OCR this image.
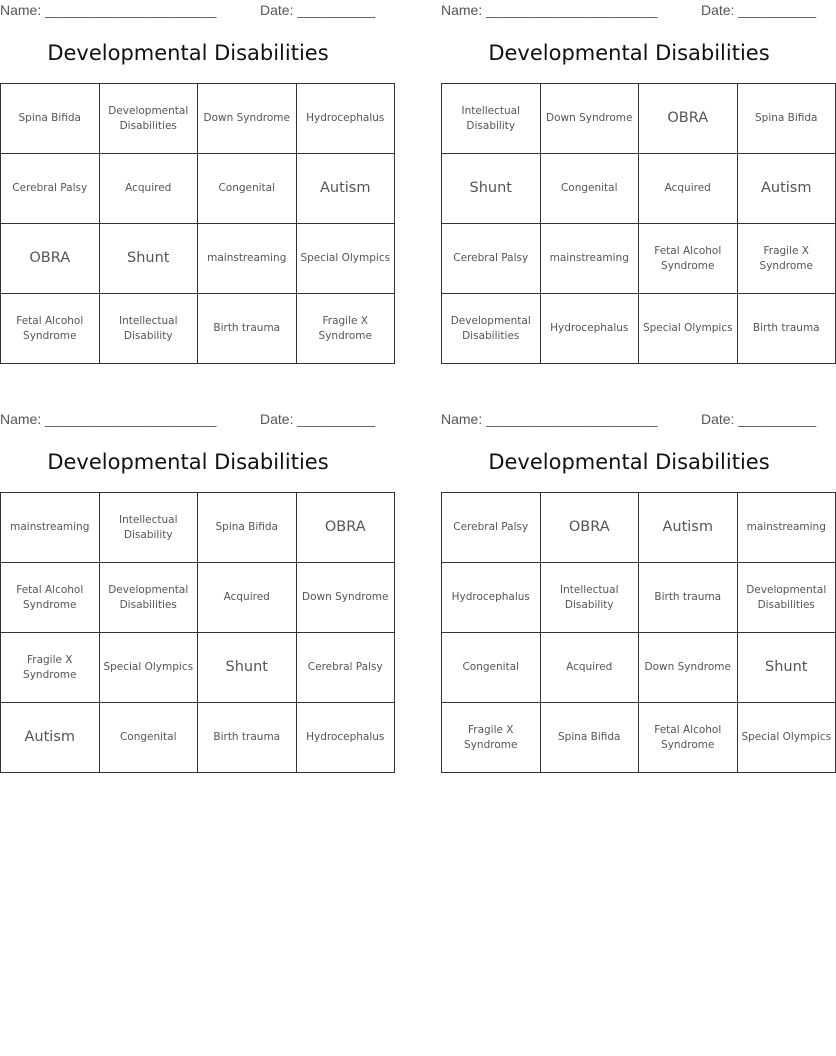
Name: ______________________	Date: __________
Developmental Disabilities
Spina Bifida	Developmental Disabilities	Down Syndrome	Hydrocephalus
Cerebral Palsy	Acquired	Congenital	Autism
OBRA	Shunt	mainstreaming	Special Olympics
Fetal Alcohol Syndrome	Intellectual Disability	Birth trauma	Fragile X Syndrome
Name: ______________________	Date: __________
Developmental Disabilities
Intellectual Disability	Down Syndrome	OBRA	Spina Bifida
Shunt	Congenital	Acquired	Autism
Cerebral Palsy	mainstreaming	Fetal Alcohol Syndrome	Fragile X Syndrome
Developmental Disabilities	Hydrocephalus	Special Olympics	Birth trauma
Name: ______________________	Date: __________
Developmental Disabilities
mainstreaming	Intellectual Disability	Spina Bifida	OBRA
Fetal Alcohol Syndrome	Developmental Disabilities	Acquired	Down Syndrome
Fragile X Syndrome	Special Olympics	Shunt	Cerebral Palsy
Autism	Congenital	Birth trauma	Hydrocephalus
Name: ______________________	Date: __________
Developmental Disabilities
Cerebral Palsy	OBRA	Autism	mainstreaming
Hydrocephalus	Intellectual Disability	Birth trauma	Developmental Disabilities
Congenital	Acquired	Down Syndrome	Shunt
Fragile X Syndrome	Spina Bifida	Fetal Alcohol Syndrome	Special Olympics
